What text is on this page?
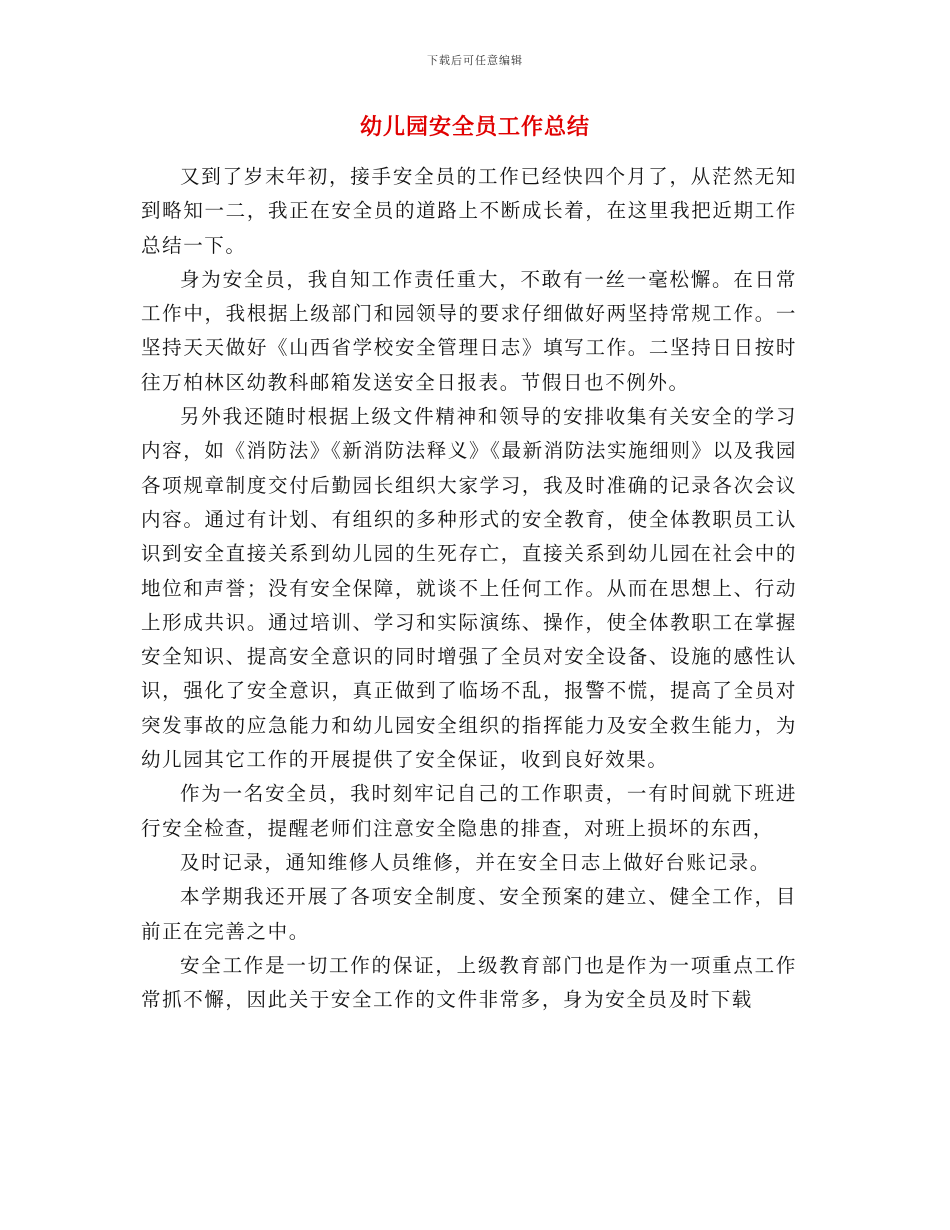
下载后可任意编辑
幼儿园安全员工作总结

又到了岁末年初，接手安全员的工作已经快四个月了，从茫然无知到略知一二，我正在安全员的道路上不断成长着，在这里我把近期工作总结一下。

身为安全员，我自知工作责任重大，不敢有一丝一毫松懈。在日常工作中，我根据上级部门和园领导的要求仔细做好两坚持常规工作。一坚持天天做好《山西省学校安全管理日志》填写工作。二坚持日日按时往万柏林区幼教科邮箱发送安全日报表。节假日也不例外。

另外我还随时根据上级文件精神和领导的安排收集有关安全的学习内容，如《消防法》《新消防法释义》《最新消防法实施细则》以及我园各项规章制度交付后勤园长组织大家学习，我及时准确的记录各次会议内容。通过有计划、有组织的多种形式的安全教育，使全体教职员工认识到安全直接关系到幼儿园的生死存亡，直接关系到幼儿园在社会中的地位和声誉；没有安全保障，就谈不上任何工作。从而在思想上、行动上形成共识。通过培训、学习和实际演练、操作，使全体教职工在掌握安全知识、提高安全意识的同时增强了全员对安全设备、设施的感性认识，强化了安全意识，真正做到了临场不乱，报警不慌，提高了全员对突发事故的应急能力和幼儿园安全组织的指挥能力及安全救生能力，为幼儿园其它工作的开展提供了安全保证，收到良好效果。

作为一名安全员，我时刻牢记自己的工作职责，一有时间就下班进行安全检查，提醒老师们注意安全隐患的排查，对班上损坏的东西，

及时记录，通知维修人员维修，并在安全日志上做好台账记录。

本学期我还开展了各项安全制度、安全预案的建立、健全工作，目前正在完善之中。

安全工作是一切工作的保证，上级教育部门也是作为一项重点工作常抓不懈，因此关于安全工作的文件非常多，身为安全员及时下载
